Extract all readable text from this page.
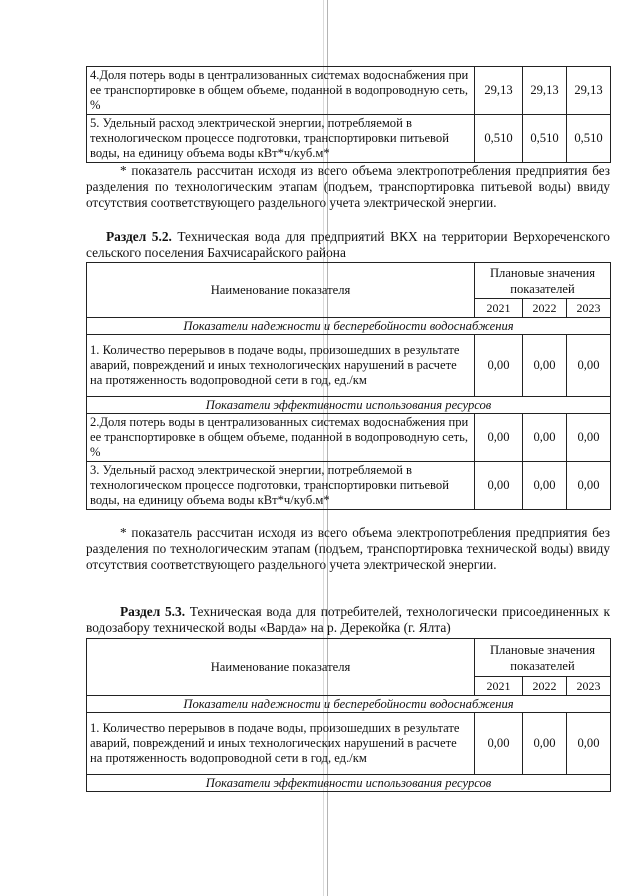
4.Доля потерь воды в централизованных системах водоснабжения при ее транспортировке в общем объеме, поданной в водопроводную сеть, %	29,13	29,13	29,13
5. Удельный расход электрической энергии, потребляемой в технологическом процессе подготовки, транспортировки питьевой воды, на единицу объема воды кВт*ч/куб.м*	0,510	0,510	0,510

* показатель рассчитан исходя из всего объема электропотребления предприятия без разделения по технологическим этапам (подъем, транспортировка питьевой воды) ввиду отсутствия соответствующего раздельного учета электрической энергии.

Раздел 5.2. Техническая вода для предприятий ВКХ на территории Верхореченского сельского поселения Бахчисарайского района

Наименование показателя	Плановые значения показателей		
	2021	2022	2023
Показатели надежности и бесперебойности водоснабжения			
1. Количество перерывов в подаче воды, произошедших в результате аварий, повреждений и иных технологических нарушений в расчете на протяженность водопроводной сети в год, ед./км	0,00	0,00	0,00
Показатели эффективности использования ресурсов			
2.Доля потерь воды в централизованных системах водоснабжения при ее транспортировке в общем объеме, поданной в водопроводную сеть, %	0,00	0,00	0,00
3. Удельный расход электрической энергии, потребляемой в технологическом процессе подготовки, транспортировки питьевой воды, на единицу объема воды кВт*ч/куб.м*	0,00	0,00	0,00

* показатель рассчитан исходя из всего объема электропотребления предприятия без разделения по технологическим этапам (подъем, транспортировка технической воды) ввиду отсутствия соответствующего раздельного учета электрической энергии.

Раздел 5.3. Техническая вода для потребителей, технологически присоединенных к водозабору технической воды «Варда» на р. Дерекойка (г. Ялта)

Наименование показателя	Плановые значения показателей		
	2021	2022	2023
Показатели надежности и бесперебойности водоснабжения			
1. Количество перерывов в подаче воды, произошедших в результате аварий, повреждений и иных технологических нарушений в расчете на протяженность водопроводной сети в год, ед./км	0,00	0,00	0,00
Показатели эффективности использования ресурсов			
